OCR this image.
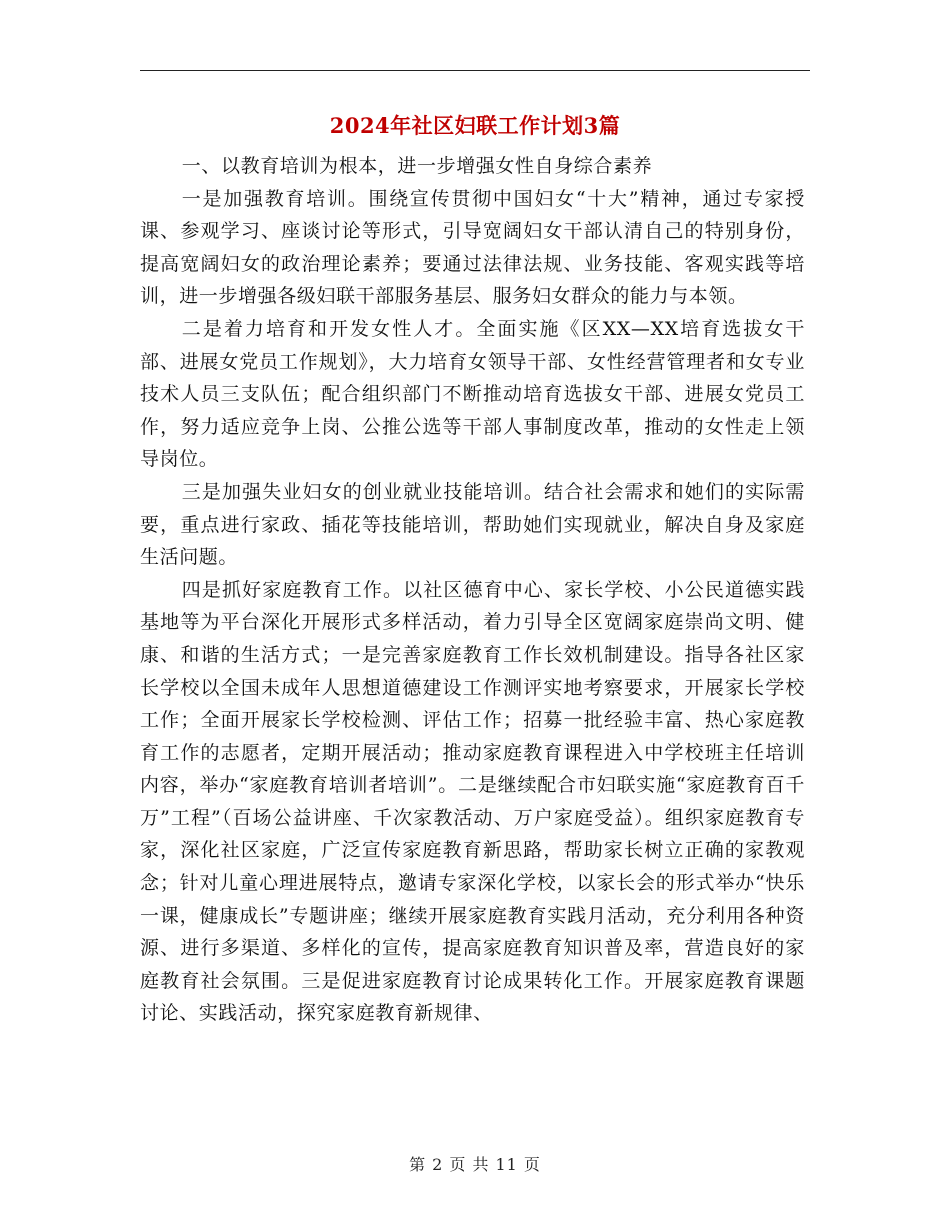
2024年社区妇联工作计划3篇

一、以教育培训为根本，进一步增强女性自身综合素养

一是加强教育培训。围绕宣传贯彻中国妇女“十大”精神，通过专家授课、参观学习、座谈讨论等形式，引导宽阔妇女干部认清自己的特别身份，提高宽阔妇女的政治理论素养；要通过法律法规、业务技能、客观实践等培训，进一步增强各级妇联干部服务基层、服务妇女群众的能力与本领。

二是着力培育和开发女性人才。全面实施《区XX—XX培育选拔女干部、进展女党员工作规划》，大力培育女领导干部、女性经营管理者和女专业技术人员三支队伍；配合组织部门不断推动培育选拔女干部、进展女党员工作，努力适应竞争上岗、公推公选等干部人事制度改革，推动的女性走上领导岗位。

三是加强失业妇女的创业就业技能培训。结合社会需求和她们的实际需要，重点进行家政、插花等技能培训，帮助她们实现就业，解决自身及家庭生活问题。

四是抓好家庭教育工作。以社区德育中心、家长学校、小公民道德实践基地等为平台深化开展形式多样活动，着力引导全区宽阔家庭崇尚文明、健康、和谐的生活方式；一是完善家庭教育工作长效机制建设。指导各社区家长学校以全国未成年人思想道德建设工作测评实地考察要求，开展家长学校工作；全面开展家长学校检测、评估工作；招募一批经验丰富、热心家庭教育工作的志愿者，定期开展活动；推动家庭教育课程进入中学校班主任培训内容，举办“家庭教育培训者培训”。二是继续配合市妇联实施“家庭教育百千万”工程”（百场公益讲座、千次家教活动、万户家庭受益）。组织家庭教育专家，深化社区家庭，广泛宣传家庭教育新思路，帮助家长树立正确的家教观念；针对儿童心理进展特点，邀请专家深化学校，以家长会的形式举办“快乐一课，健康成长”专题讲座；继续开展家庭教育实践月活动，充分利用各种资源、进行多渠道、多样化的宣传，提高家庭教育知识普及率，营造良好的家庭教育社会氛围。三是促进家庭教育讨论成果转化工作。开展家庭教育课题讨论、实践活动，探究家庭教育新规律、

第 2 页 共 11 页
